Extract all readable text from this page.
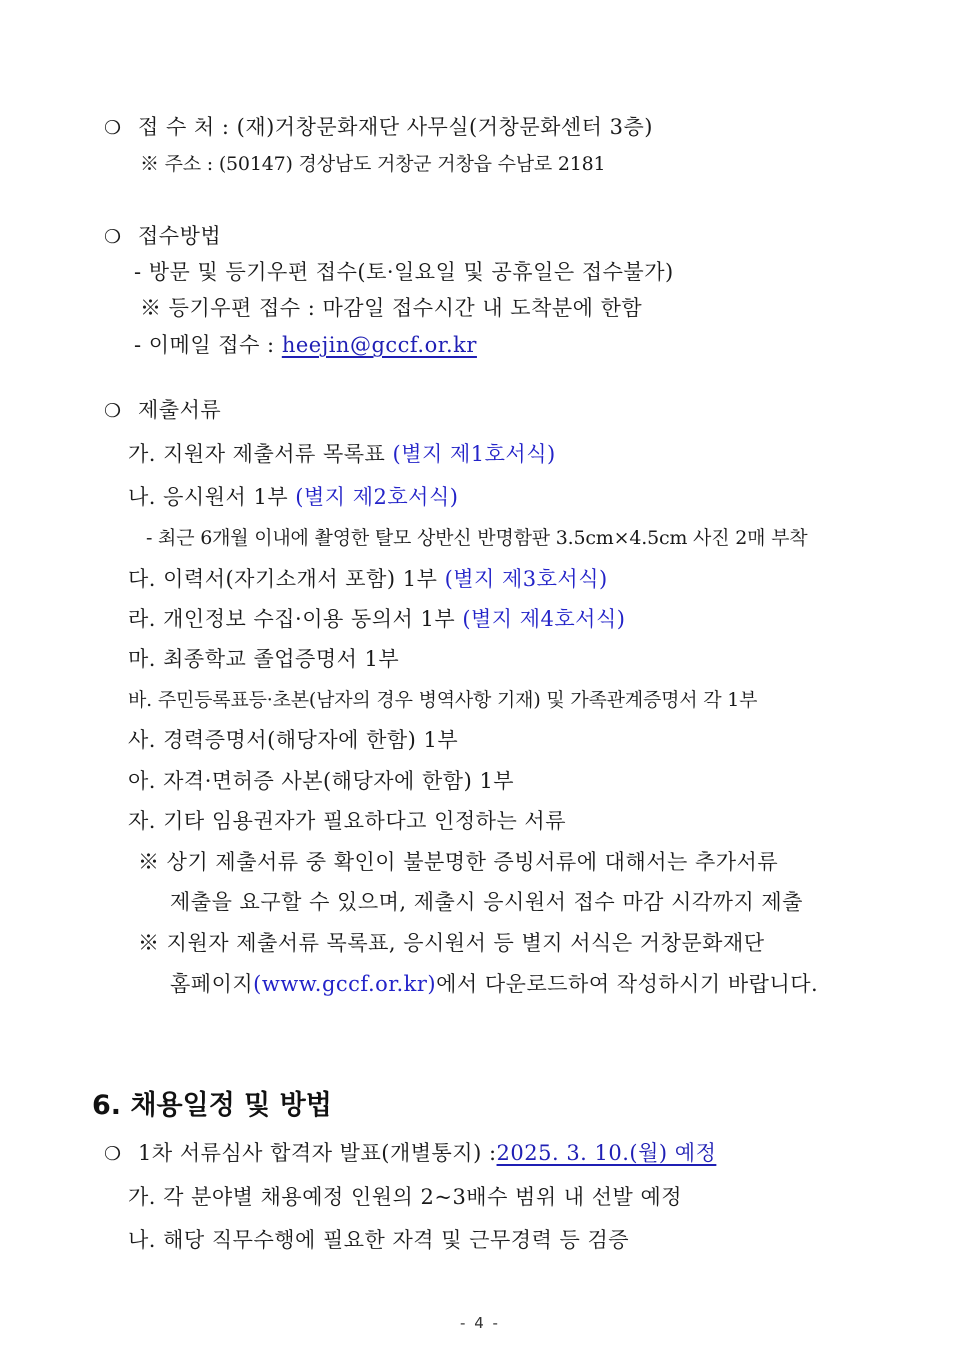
❍ 접 수 처 : (재)거창문화재단 사무실(거창문화센터 3층)
※ 주소 : (50147) 경상남도 거창군 거창읍 수남로 2181
❍ 접수방법
- 방문 및 등기우편 접수(토·일요일 및 공휴일은 접수불가)
※ 등기우편 접수 : 마감일 접수시간 내 도착분에 한함
- 이메일 접수 : heejin@gccf.or.kr
❍ 제출서류
가. 지원자 제출서류 목록표 (별지 제1호서식)
나. 응시원서 1부 (별지 제2호서식)
- 최근 6개월 이내에 촬영한 탈모 상반신 반명함판 3.5cm×4.5cm 사진 2매 부착
다. 이력서(자기소개서 포함) 1부 (별지 제3호서식)
라. 개인정보 수집·이용 동의서 1부 (별지 제4호서식)
마. 최종학교 졸업증명서 1부
바. 주민등록표등·초본(남자의 경우 병역사항 기재) 및 가족관계증명서 각 1부
사. 경력증명서(해당자에 한함) 1부
아. 자격·면허증 사본(해당자에 한함) 1부
자. 기타 임용권자가 필요하다고 인정하는 서류
※ 상기 제출서류 중 확인이 불분명한 증빙서류에 대해서는 추가서류
제출을 요구할 수 있으며, 제출시 응시원서 접수 마감 시각까지 제출
※ 지원자 제출서류 목록표, 응시원서 등 별지 서식은 거창문화재단
홈페이지(www.gccf.or.kr)에서 다운로드하여 작성하시기 바랍니다.
6. 채용일정 및 방법
❍ 1차 서류심사 합격자 발표(개별통지) :2025. 3. 10.(월) 예정
가. 각 분야별 채용예정 인원의 2~3배수 범위 내 선발 예정
나. 해당 직무수행에 필요한 자격 및 근무경력 등 검증
- 4 -
